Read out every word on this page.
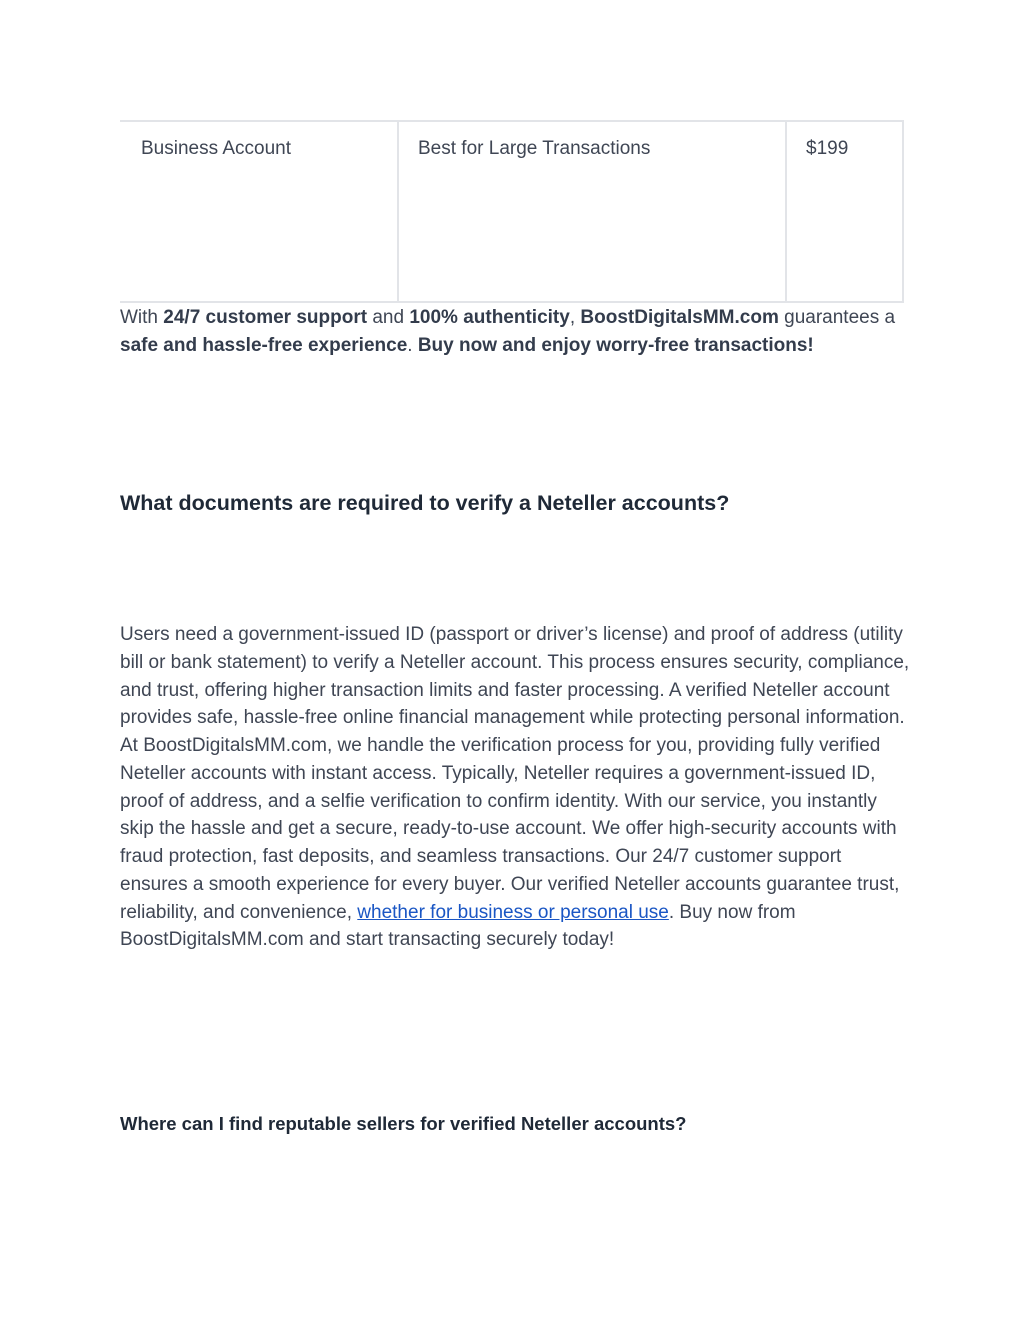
Business Account	Best for Large Transactions	$199

With 24/7 customer support and 100% authenticity, BoostDigitalsMM.com guarantees a safe and hassle-free experience. Buy now and enjoy worry-free transactions!

What documents are required to verify a Neteller accounts?

Users need a government-issued ID (passport or driver’s license) and proof of address (utility bill or bank statement) to verify a Neteller account. This process ensures security, compliance, and trust, offering higher transaction limits and faster processing. A verified Neteller account provides safe, hassle-free online financial management while protecting personal information. At BoostDigitalsMM.com, we handle the verification process for you, providing fully verified Neteller accounts with instant access. Typically, Neteller requires a government-issued ID, proof of address, and a selfie verification to confirm identity. With our service, you instantly skip the hassle and get a secure, ready-to-use account. We offer high-security accounts with fraud protection, fast deposits, and seamless transactions. Our 24/7 customer support ensures a smooth experience for every buyer. Our verified Neteller accounts guarantee trust, reliability, and convenience, whether for business or personal use. Buy now from BoostDigitalsMM.com and start transacting securely today!

Where can I find reputable sellers for verified Neteller accounts?
